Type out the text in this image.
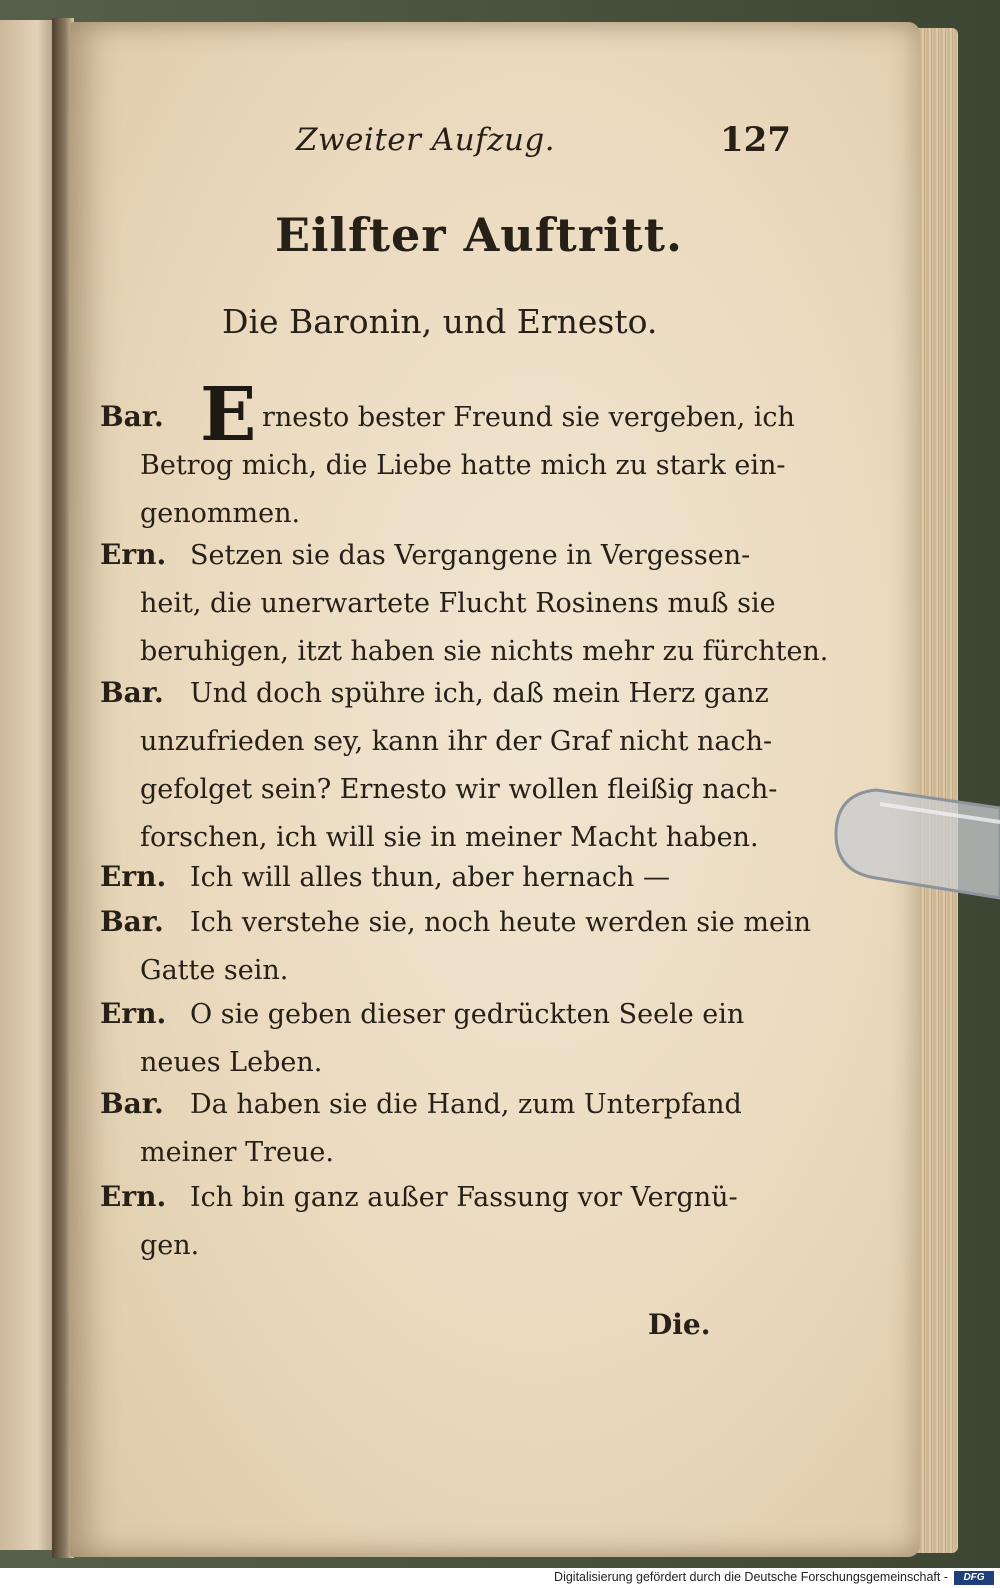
Zweiter Aufzug.	127

Eilfter Auftritt.

Die Baronin, und Ernesto.

Bar. E rnesto bester Freund sie vergeben, ich

Betrog mich, die Liebe hatte mich zu stark ein-

genommen.

Ern. Setzen sie das Vergangene in Vergessen-

heit, die unerwartete Flucht Rosinens muß sie

beruhigen, itzt haben sie nichts mehr zu fürchten.

Bar. Und doch spühre ich, daß mein Herz ganz

unzufrieden sey, kann ihr der Graf nicht nach-

gefolget sein? Ernesto wir wollen fleißig nach-

forschen, ich will sie in meiner Macht haben.

Ern. Ich will alles thun, aber hernach —

Bar. Ich verstehe sie, noch heute werden sie mein

Gatte sein.

Ern. O sie geben dieser gedrückten Seele ein

neues Leben.

Bar. Da haben sie die Hand, zum Unterpfand

meiner Treue.

Ern. Ich bin ganz außer Fassung vor Vergnü-

gen.

Die.

Digitalisierung gefördert durch die Deutsche Forschungsgemeinschaft -	DFG
